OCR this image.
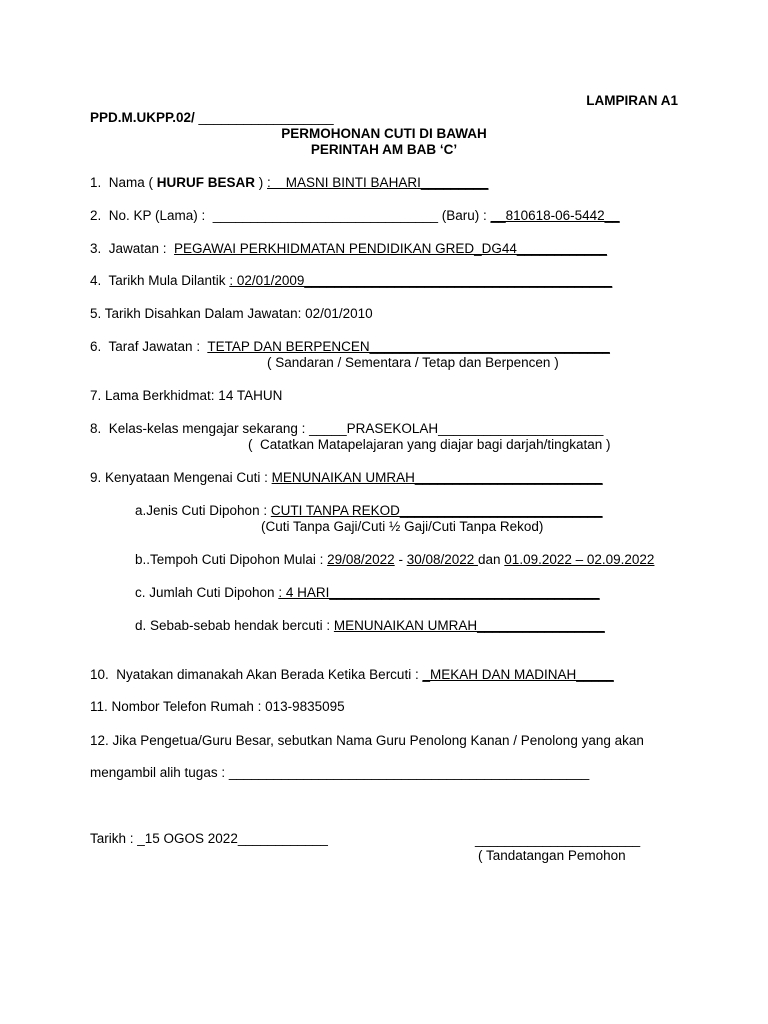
LAMPIRAN A1
PPD.M.UKPP.02/ __________________
PERMOHONAN CUTI DI BAWAH
PERINTAH AM BAB ‘C’
1.  Nama ( HURUF BESAR ) :    MASNI BINTI BAHARI_________
2.  No. KP (Lama) :  ______________________________ (Baru) : __810618-06-5442__
3.  Jawatan :  PEGAWAI PERKHIDMATAN PENDIDIKAN GRED_DG44____________
4.  Tarikh Mula Dilantik : 02/01/2009_________________________________________
5. Tarikh Disahkan Dalam Jawatan: 02/01/2010
6.  Taraf Jawatan :  TETAP DAN BERPENCEN________________________________
( Sandaran / Sementara / Tetap dan Berpencen )
7. Lama Berkhidmat: 14 TAHUN
8.  Kelas-kelas mengajar sekarang : _____PRASEKOLAH______________________
(  Catatkan Matapelajaran yang diajar bagi darjah/tingkatan )
9. Kenyataan Mengenai Cuti : MENUNAIKAN UMRAH_________________________
a.Jenis Cuti Dipohon : CUTI TANPA REKOD___________________________
(Cuti Tanpa Gaji/Cuti ½ Gaji/Cuti Tanpa Rekod)
b..Tempoh Cuti Dipohon Mulai : 29/08/2022 - 30/08/2022 dan 01.09.2022 – 02.09.2022
c. Jumlah Cuti Dipohon : 4 HARI____________________________________
d. Sebab-sebab hendak bercuti : MENUNAIKAN UMRAH_________________
10.  Nyatakan dimanakah Akan Berada Ketika Bercuti : _MEKAH DAN MADINAH_____
11. Nombor Telefon Rumah : 013-9835095
12. Jika Pengetua/Guru Besar, sebutkan Nama Guru Penolong Kanan / Penolong yang akan
mengambil alih tugas : ________________________________________________
Tarikh : _15 OGOS 2022____________	______________________
( Tandatangan Pemohon
